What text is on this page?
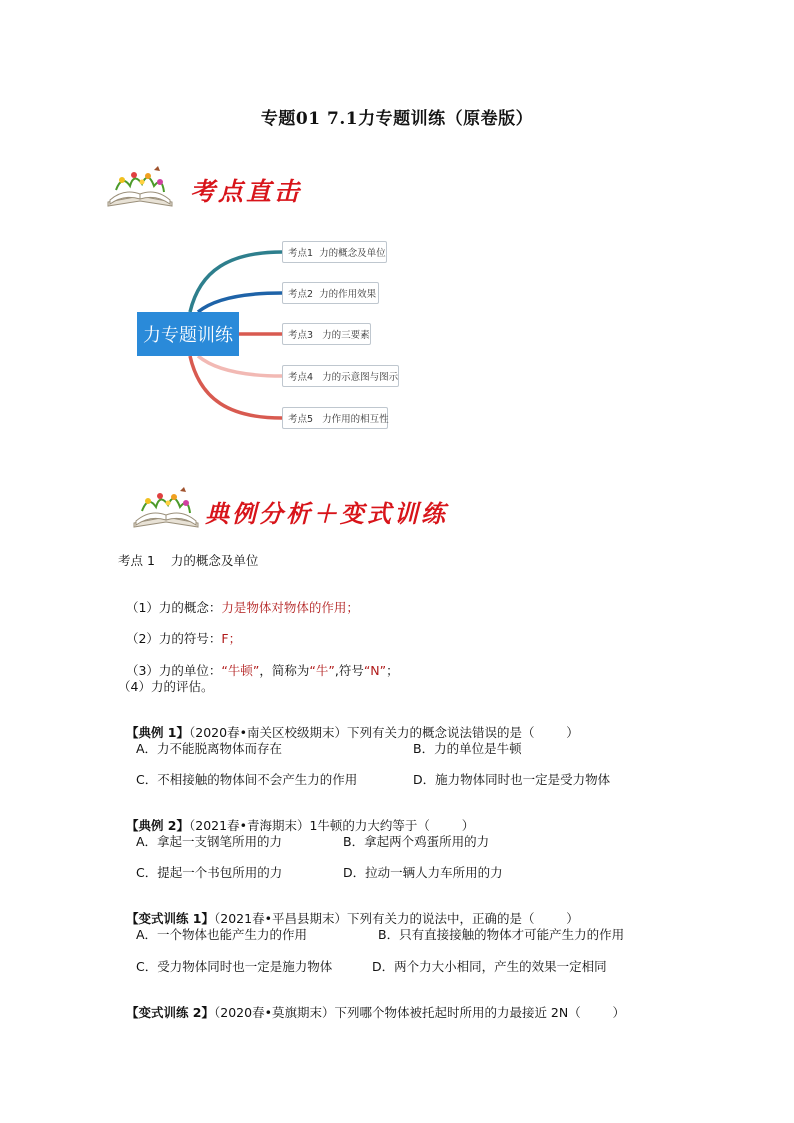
专题01 7.1力专题训练（原卷版）
考点直击
力专题训练
考点1  力的概念及单位
考点2  力的作用效果
考点3   力的三要素
考点4   力的示意图与图示
考点5   力作用的相互性
典例分析＋变式训练
考点 1    力的概念及单位

（1）力的概念：力是物体对物体的作用；

（2）力的符号：F；

（3）力的单位：“牛顿”，简称为“牛”,符号“N”；

（4）力的评估。

【典例 1】（2020春•南关区校级期末）下列有关力的概念说法错误的是（        ）

A．力不能脱离物体而存在	B．力的单位是牛顿
C．不相接触的物体间不会产生力的作用	D．施力物体同时也一定是受力物体

【典例 2】（2021春•青海期末）1牛顿的力大约等于（        ）

A．拿起一支钢笔所用的力	B．拿起两个鸡蛋所用的力
C．提起一个书包所用的力	D．拉动一辆人力车所用的力

【变式训练 1】（2021春•平昌县期末）下列有关力的说法中，正确的是（        ）

A．一个物体也能产生力的作用	B．只有直接接触的物体才可能产生力的作用
C．受力物体同时也一定是施力物体	D．两个力大小相同，产生的效果一定相同

【变式训练 2】（2020春•莫旗期末）下列哪个物体被托起时所用的力最接近 2N（        ）
